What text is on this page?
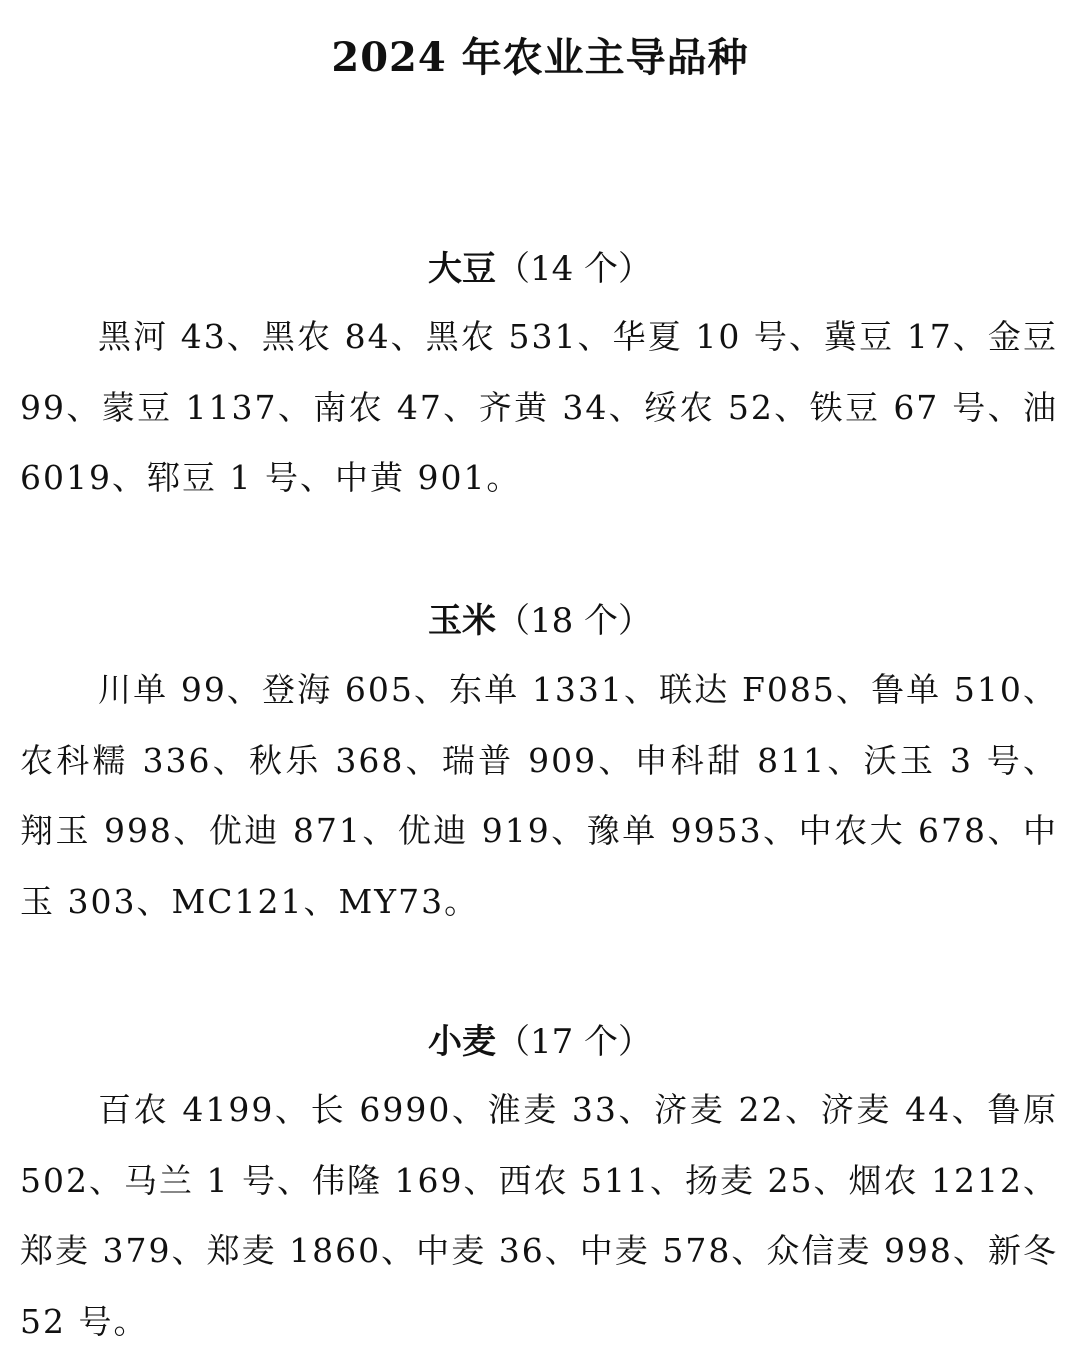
2024 年农业主导品种
大豆（14 个）

黑河 43、黑农 84、黑农 531、华夏 10 号、冀豆 17、金豆 99、蒙豆 1137、南农 47、齐黄 34、绥农 52、铁豆 67 号、油 6019、郓豆 1 号、中黄 901。

玉米（18 个）

川单 99、登海 605、东单 1331、联达 F085、鲁单 510、农科糯 336、秋乐 368、瑞普 909、申科甜 811、沃玉 3 号、翔玉 998、优迪 871、优迪 919、豫单 9953、中农大 678、中玉 303、MC121、MY73。

小麦（17 个）

百农 4199、长 6990、淮麦 33、济麦 22、济麦 44、鲁原 502、马兰 1 号、伟隆 169、西农 511、扬麦 25、烟农 1212、郑麦 379、郑麦 1860、中麦 36、中麦 578、众信麦 998、新冬 52 号。
